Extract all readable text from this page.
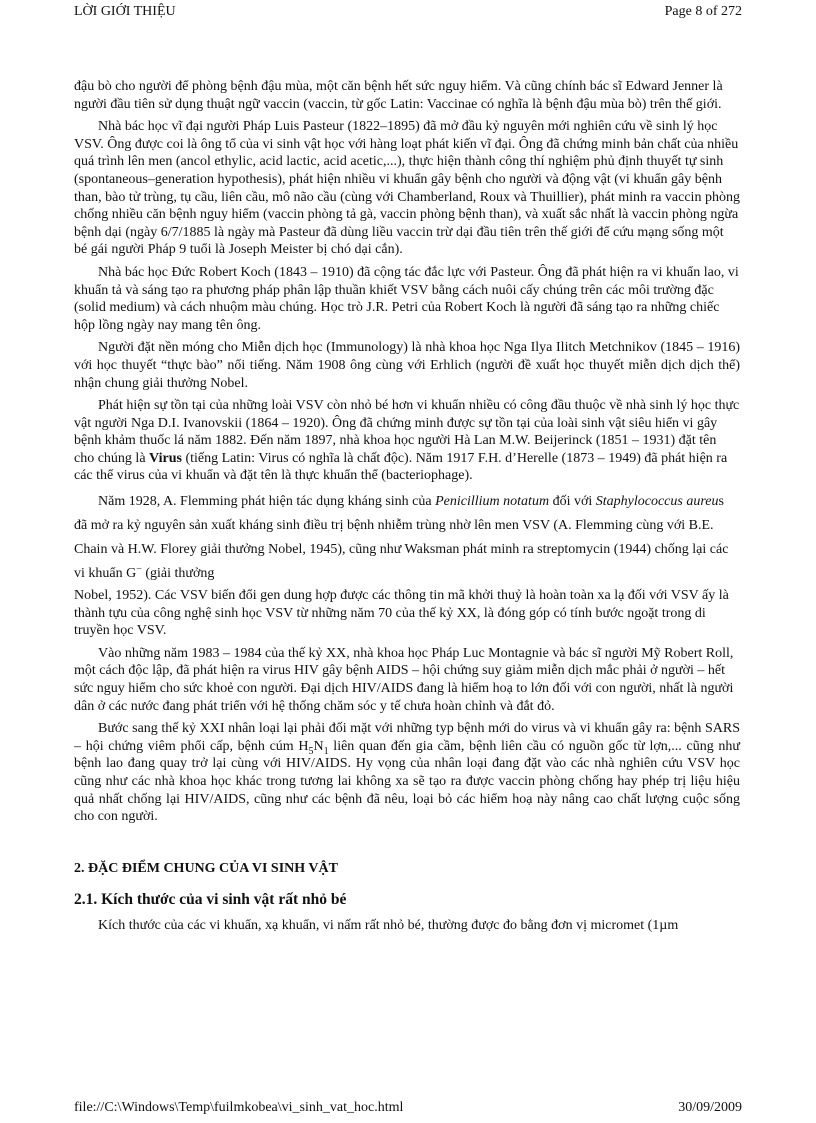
LỜI GIỚI THIỆU	Page 8 of 272

đậu bò cho người để phòng bệnh đậu mùa, một căn bệnh hết sức nguy hiểm. Và cũng chính bác sĩ Edward Jenner là người đầu tiên sử dụng thuật ngữ vaccin (vaccin, từ gốc Latin: Vaccinae có nghĩa là bệnh đậu mùa bò) trên thế giới.

Nhà bác học vĩ đại người Pháp Luis Pasteur (1822–1895) đã mở đầu kỷ nguyên mới nghiên cứu về sinh lý học VSV. Ông được coi là ông tổ của vi sinh vật học với hàng loạt phát kiến vĩ đại. Ông đã chứng minh bản chất của nhiều quá trình lên men (ancol ethylic, acid lactic, acid acetic,...), thực hiện thành công thí nghiệm phủ định thuyết tự sinh (spontaneous–generation hypothesis), phát hiện nhiều vi khuẩn gây bệnh cho người và động vật (vi khuẩn gây bệnh than, bào tử trùng, tụ cầu, liên cầu, mô não cầu (cùng với Chamberland, Roux và Thuillier), phát minh ra vaccin phòng chống nhiều căn bệnh nguy hiểm (vaccin phòng tả gà, vaccin phòng bệnh than), và xuất sắc nhất là vaccin phòng ngừa bệnh dại (ngày 6/7/1885 là ngày mà Pasteur đã dùng liều vaccin trừ dại đầu tiên trên thế giới để cứu mạng sống một bé gái người Pháp 9 tuổi là Joseph Meister bị chó dại cắn).

Nhà bác học Đức Robert Koch (1843 – 1910) đã cộng tác đắc lực với Pasteur. Ông đã phát hiện ra vi khuẩn lao, vi khuẩn tả và sáng tạo ra phương pháp phân lập thuần khiết VSV bằng cách nuôi cấy chúng trên các môi trường đặc (solid medium) và cách nhuộm màu chúng. Học trò J.R. Petri của Robert Koch là người đã sáng tạo ra những chiếc hộp lồng ngày nay mang tên ông.

Người đặt nền móng cho Miễn dịch học (Immunology) là nhà khoa học Nga Ilya Ilitch Metchnikov (1845 – 1916) với học thuyết “thực bào” nổi tiếng. Năm 1908 ông cùng với Erhlich (người đề xuất học thuyết miễn dịch dịch thể) nhận chung giải thưởng Nobel.

Phát hiện sự tồn tại của những loài VSV còn nhỏ bé hơn vi khuẩn nhiều có công đầu thuộc về nhà sinh lý học thực vật người Nga D.I. Ivanovskii (1864 – 1920). Ông đã chứng minh được sự tồn tại của loài sinh vật siêu hiển vi gây bệnh khảm thuốc lá năm 1882. Đến năm 1897, nhà khoa học người Hà Lan M.W. Beijerinck (1851 – 1931) đặt tên cho chúng là Virus (tiếng Latin: Virus có nghĩa là chất độc). Năm 1917 F.H. d’Herelle (1873 – 1949) đã phát hiện ra các thể virus của vi khuẩn và đặt tên là thực khuẩn thể (bacteriophage).

Năm 1928, A. Flemming phát hiện tác dụng kháng sinh của Penicillium notatum đối với Staphylococcus aureus đã mở ra kỷ nguyên sản xuất kháng sinh điều trị bệnh nhiễm trùng nhờ lên men VSV (A. Flemming cùng với B.E. Chain và H.W. Florey giải thưởng Nobel, 1945), cũng như Waksman phát minh ra streptomycin (1944) chống lại các vi khuẩn G− (giải thưởng

Nobel, 1952). Các VSV biến đổi gen dung hợp được các thông tin mã khởi thuỷ là hoàn toàn xa lạ đối với VSV ấy là thành tựu của công nghệ sinh học VSV từ những năm 70 của thế kỷ XX, là đóng góp có tính bước ngoặt trong di truyền học VSV.

Vào những năm 1983 – 1984 của thế kỷ XX, nhà khoa học Pháp Luc Montagnie và bác sĩ người Mỹ Robert Roll, một cách độc lập, đã phát hiện ra virus HIV gây bệnh AIDS – hội chứng suy giảm miễn dịch mắc phải ở người – hết sức nguy hiểm cho sức khoẻ con người. Đại dịch HIV/AIDS đang là hiểm hoạ to lớn đối với con người, nhất là người dân ở các nước đang phát triển với hệ thống chăm sóc y tế chưa hoàn chỉnh và đắt đỏ.

Bước sang thế kỷ XXI nhân loại lại phải đối mặt với những typ bệnh mới do virus và vi khuẩn gây ra: bệnh SARS – hội chứng viêm phổi cấp, bệnh cúm $H_5N_1$ liên quan đến gia cầm, bệnh liên cầu có nguồn gốc từ lợn,... cũng như bệnh lao đang quay trở lại cùng với HIV/AIDS. Hy vọng của nhân loại đang đặt vào các nhà nghiên cứu VSV học cũng như các nhà khoa học khác trong tương lai không xa sẽ tạo ra được vaccin phòng chống hay phép trị liệu hiệu quả nhất chống lại HIV/AIDS, cũng như các bệnh đã nêu, loại bỏ các hiểm hoạ này nâng cao chất lượng cuộc sống cho con người.

2. ĐẶC ĐIỂM CHUNG CỦA VI SINH VẬT
2.1. Kích thước của vi sinh vật rất nhỏ bé

Kích thước của các vi khuẩn, xạ khuẩn, vi nấm rất nhỏ bé, thường được đo bằng đơn vị micromet (1µm

file://C:\Windows\Temp\fuilmkobea\vi_sinh_vat_hoc.html	30/09/2009
